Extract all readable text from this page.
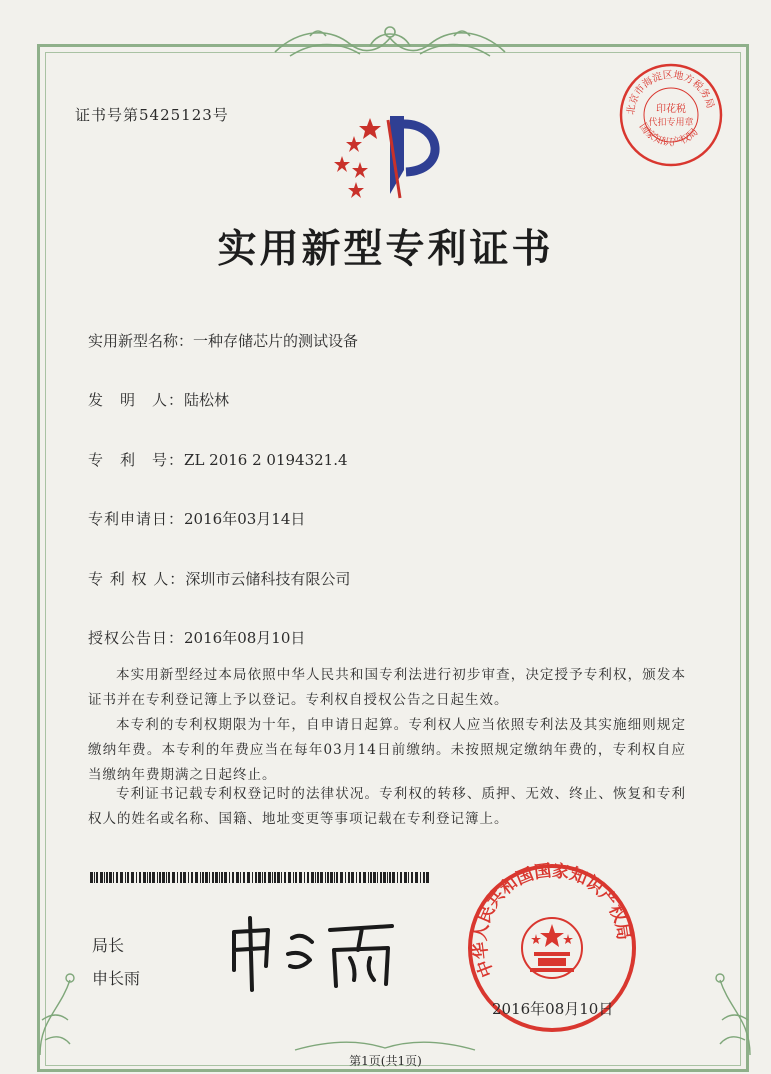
证书号第5425123号	北京市海淀区地方税务局
国家知识产权局
印花税
代扣专用章
实用新型专利证书
实用新型名称：一种存储芯片的测试设备
发　明　人：陆松林
专　利　号：ZL 2016 2 0194321.4
专利申请日：2016年03月14日
专 利 权 人：深圳市云储科技有限公司
授权公告日：2016年08月10日
本实用新型经过本局依照中华人民共和国专利法进行初步审查，决定授予专利权，颁发本证书并在专利登记簿上予以登记。专利权自授权公告之日起生效。
本专利的专利权期限为十年，自申请日起算。专利权人应当依照专利法及其实施细则规定缴纳年费。本专利的年费应当在每年03月14日前缴纳。未按照规定缴纳年费的，专利权自应当缴纳年费期满之日起终止。
专利证书记载专利权登记时的法律状况。专利权的转移、质押、无效、终止、恢复和专利权人的姓名或名称、国籍、地址变更等事项记载在专利登记簿上。
局长
申长雨	中华人民共和国国家知识产权局
2016年08月10日
第1页(共1页)
